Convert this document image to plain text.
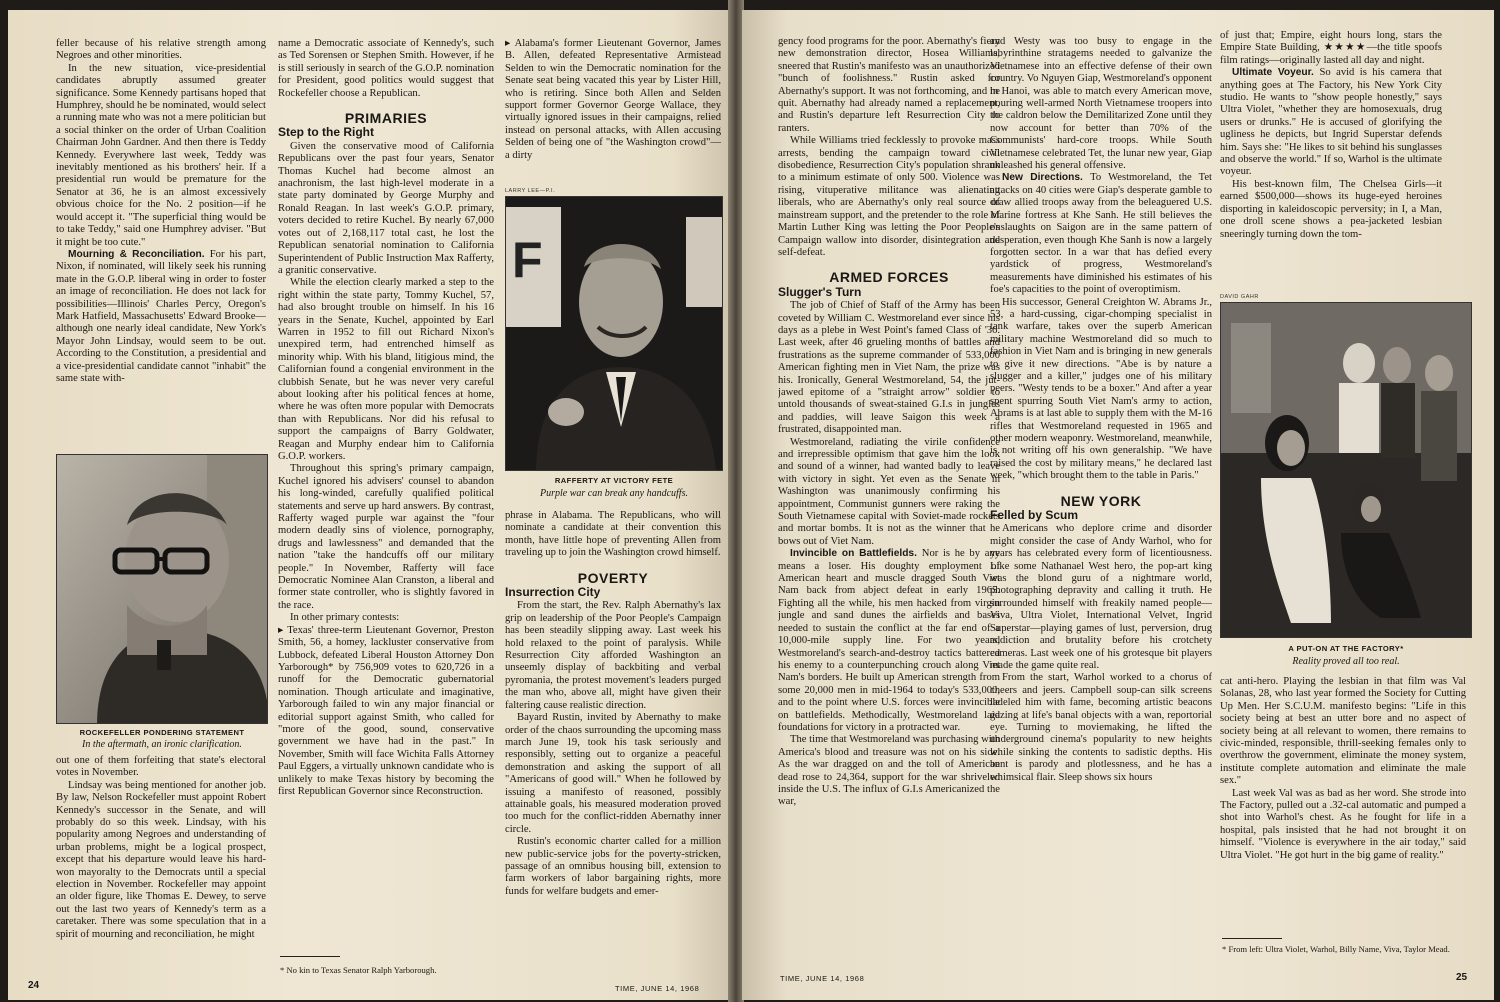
feller because of his relative strength among Negroes and other minorities.

In the new situation, vice-presidential candidates abruptly assumed greater significance. Some Kennedy partisans hoped that Humphrey, should he be nominated, would select a running mate who was not a mere politician but a social thinker on the order of Urban Coalition Chairman John Gardner. And then there is Teddy Kennedy. Everywhere last week, Teddy was inevitably mentioned as his brothers' heir. If a presidential run would be premature for the Senator at 36, he is an almost excessively obvious choice for the No. 2 position—if he would accept it. "The superficial thing would be to take Teddy," said one Humphrey adviser. "But it might be too cute."

Mourning & Reconciliation. For his part, Nixon, if nominated, will likely seek his running mate in the G.O.P. liberal wing in order to foster an image of reconciliation. He does not lack for possibilities—Illinois' Charles Percy, Oregon's Mark Hatfield, Massachusetts' Edward Brooke—although one nearly ideal candidate, New York's Mayor John Lindsay, would seem to be out. According to the Constitution, a presidential and a vice-presidential candidate cannot "inhabit" the same state with-

ROCKEFELLER PONDERING STATEMENT
In the aftermath, an ironic clarification.

out one of them forfeiting that state's electoral votes in November.

Lindsay was being mentioned for another job. By law, Nelson Rockefeller must appoint Robert Kennedy's successor in the Senate, and will probably do so this week. Lindsay, with his popularity among Negroes and understanding of urban problems, might be a logical prospect, except that his departure would leave his hard-won mayoralty to the Democrats until a special election in November. Rockefeller may appoint an older figure, like Thomas E. Dewey, to serve out the last two years of Kennedy's term as a caretaker. There was some speculation that in a spirit of mourning and reconciliation, he might

name a Democratic associate of Kennedy's, such as Ted Sorensen or Stephen Smith. However, if he is still seriously in search of the G.O.P. nomination for President, good politics would suggest that Rockefeller choose a Republican.

PRIMARIES
Step to the Right

Given the conservative mood of California Republicans over the past four years, Senator Thomas Kuchel had become almost an anachronism, the last high-level moderate in a state party dominated by George Murphy and Ronald Reagan. In last week's G.O.P. primary, voters decided to retire Kuchel. By nearly 67,000 votes out of 2,168,117 total cast, he lost the Republican senatorial nomination to California Superintendent of Public Instruction Max Rafferty, a granitic conservative.

While the election clearly marked a step to the right within the state party, Tommy Kuchel, 57, had also brought trouble on himself. In his 16 years in the Senate, Kuchel, appointed by Earl Warren in 1952 to fill out Richard Nixon's unexpired term, had entrenched himself as minority whip. With his bland, litigious mind, the Californian found a congenial environment in the clubbish Senate, but he was never very careful about looking after his political fences at home, where he was often more popular with Democrats than with Republicans. Nor did his refusal to support the campaigns of Barry Goldwater, Reagan and Murphy endear him to California G.O.P. workers.

Throughout this spring's primary campaign, Kuchel ignored his advisers' counsel to abandon his long-winded, carefully qualified political statements and serve up hard answers. By contrast, Rafferty waged purple war against the "four modern deadly sins of violence, pornography, drugs and lawlessness" and demanded that the nation "take the handcuffs off our military people." In November, Rafferty will face Democratic Nominee Alan Cranston, a liberal and former state controller, who is slightly favored in the race.

In other primary contests:

▸ Texas' three-term Lieutenant Governor, Preston Smith, 56, a homey, lackluster conservative from Lubbock, defeated Liberal Houston Attorney Don Yarborough* by 756,909 votes to 620,726 in a runoff for the Democratic gubernatorial nomination. Though articulate and imaginative, Yarborough failed to win any major financial or editorial support against Smith, who called for "more of the good, sound, conservative government we have had in the past." In November, Smith will face Wichita Falls Attorney Paul Eggers, a virtually unknown candidate who is unlikely to make Texas history by becoming the first Republican Governor since Reconstruction.

* No kin to Texas Senator Ralph Yarborough.

▸ Alabama's former Lieutenant Governor, James B. Allen, defeated Representative Armistead Selden to win the Democratic nomination for the Senate seat being vacated this year by Lister Hill, who is retiring. Since both Allen and Selden support former Governor George Wallace, they virtually ignored issues in their campaigns, relied instead on personal attacks, with Allen accusing Selden of being one of "the Washington crowd"—a dirty

LARRY LEE—P.I.
F
RAFFERTY AT VICTORY FETE
Purple war can break any handcuffs.

phrase in Alabama. The Republicans, who will nominate a candidate at their convention this month, have little hope of preventing Allen from traveling up to join the Washington crowd himself.

POVERTY
Insurrection City

From the start, the Rev. Ralph Abernathy's lax grip on leadership of the Poor People's Campaign has been steadily slipping away. Last week his hold relaxed to the point of paralysis. While Resurrection City afforded Washington an unseemly display of backbiting and verbal pyromania, the protest movement's leaders purged the man who, above all, might have given their faltering cause realistic direction.

Bayard Rustin, invited by Abernathy to make order of the chaos surrounding the upcoming mass march June 19, took his task seriously and responsibly, setting out to organize a peaceful demonstration and asking the support of all "Americans of good will." When he followed by issuing a manifesto of reasoned, possibly attainable goals, his measured moderation proved too much for the conflict-ridden Abernathy inner circle.

Rustin's economic charter called for a million new public-service jobs for the poverty-stricken, passage of an omnibus housing bill, extension to farm workers of labor bargaining rights, more funds for welfare budgets and emer-

24	TIME, JUNE 14, 1968

gency food programs for the poor. Abernathy's fiery new demonstration director, Hosea Williams, sneered that Rustin's manifesto was an unauthorized "bunch of foolishness." Rustin asked for Abernathy's support. It was not forthcoming, and he quit. Abernathy had already named a replacement, and Rustin's departure left Resurrection City to ranters.

While Williams tried fecklessly to provoke mass arrests, bending the campaign toward civil disobedience, Resurrection City's population shrank to a minimum estimate of only 500. Violence was rising, vituperative militance was alienating liberals, who are Abernathy's only real source of mainstream support, and the pretender to the role of Martin Luther King was letting the Poor People's Campaign wallow into disorder, disintegration and self-defeat.

ARMED FORCES
Slugger's Turn

The job of Chief of Staff of the Army has been coveted by William C. Westmoreland ever since his days as a plebe in West Point's famed Class of '36. Last week, after 46 grueling months of battles and frustrations as the supreme commander of 533,000 American fighting men in Viet Nam, the prize was his. Ironically, General Westmoreland, 54, the jut-jawed epitome of a "straight arrow" soldier to untold thousands of sweat-stained G.I.s in jungles and paddies, will leave Saigon this week a frustrated, disappointed man.

Westmoreland, radiating the virile confidence and irrepressible optimism that gave him the look and sound of a winner, had wanted badly to leave with victory in sight. Yet even as the Senate in Washington was unanimously confirming his appointment, Communist gunners were raking the South Vietnamese capital with Soviet-made rockets and mortar bombs. It is not as the winner that he bows out of Viet Nam.

Invincible on Battlefields. Nor is he by any means a loser. His doughty employment of American heart and muscle dragged South Viet Nam back from abject defeat in early 1965. Fighting all the while, his men hacked from virgin jungle and sand dunes the airfields and bases needed to sustain the conflict at the far end of a 10,000-mile supply line. For two years, Westmoreland's search-and-destroy tactics battered his enemy to a counterpunching crouch along Viet Nam's borders. He built up American strength from some 20,000 men in mid-1964 to today's 533,000, and to the point where U.S. forces were invincible on battlefields. Methodically, Westmoreland laid foundations for victory in a protracted war.

The time that Westmoreland was purchasing with America's blood and treasure was not on his side. As the war dragged on and the toll of American dead rose to 24,364, support for the war shriveled inside the U.S. The influx of G.I.s Americanized the war,

and Westy was too busy to engage in the labyrinthine stratagems needed to galvanize the Vietnamese into an effective defense of their own country. Vo Nguyen Giap, Westmoreland's opponent in Hanoi, was able to match every American move, pouring well-armed North Vietnamese troopers into the caldron below the Demilitarized Zone until they now account for better than 70% of the Communists' hard-core troops. While South Vietnamese celebrated Tet, the lunar new year, Giap unleashed his general offensive.

New Directions. To Westmoreland, the Tet attacks on 40 cities were Giap's desperate gamble to draw allied troops away from the beleaguered U.S. Marine fortress at Khe Sanh. He still believes the onslaughts on Saigon are in the same pattern of desperation, even though Khe Sanh is now a largely forgotten sector. In a war that has defied every yardstick of progress, Westmoreland's measurements have diminished his estimates of his foe's capacities to the point of overoptimism.

His successor, General Creighton W. Abrams Jr., 53, a hard-cussing, cigar-chomping specialist in tank warfare, takes over the superb American military machine Westmoreland did so much to fashion in Viet Nam and is bringing in new generals to give it new directions. "Abe is by nature a slugger and a killer," judges one of his military peers. "Westy tends to be a boxer." And after a year spent spurring South Viet Nam's army to action, Abrams is at last able to supply them with the M-16 rifles that Westmoreland requested in 1965 and other modern weaponry. Westmoreland, meanwhile, is not writing off his own generalship. "We have raised the cost by military means," he declared last week, "which brought them to the table in Paris."

NEW YORK
Felled by Scum

Americans who deplore crime and disorder might consider the case of Andy Warhol, who for years has celebrated every form of licentiousness. Like some Nathanael West hero, the pop-art king was the blond guru of a nightmare world, photographing depravity and calling it truth. He surrounded himself with freakily named people—Viva, Ultra Violet, International Velvet, Ingrid Superstar—playing games of lust, perversion, drug addiction and brutality before his crotchety cameras. Last week one of his grotesque bit players made the game quite real.

From the start, Warhol worked to a chorus of cheers and jeers. Campbell soup-can silk screens ladeled him with fame, becoming artistic beacons gazing at life's banal objects with a wan, reportorial eye. Turning to moviemaking, he lifted the underground cinema's popularity to new heights while sinking the contents to sadistic depths. His bent is parody and plotlessness, and he has a whimsical flair. Sleep shows six hours

of just that; Empire, eight hours long, stars the Empire State Building, ★★★★—the title spoofs film ratings—originally lasted all day and night.

Ultimate Voyeur. So avid is his camera that anything goes at The Factory, his New York City studio. He wants to "show people honestly," says Ultra Violet, "whether they are homosexuals, drug users or drunks." He is accused of glorifying the ugliness he depicts, but Ingrid Superstar defends him. Says she: "He likes to sit behind his sunglasses and observe the world." If so, Warhol is the ultimate voyeur.

His best-known film, The Chelsea Girls—it earned $500,000—shows its huge-eyed heroines disporting in kaleidoscopic perversity; in I, a Man, one droll scene shows a pea-jacketed lesbian sneeringly turning down the tom-

DAVID GAHR
A PUT-ON AT THE FACTORY*
Reality proved all too real.

cat anti-hero. Playing the lesbian in that film was Val Solanas, 28, who last year formed the Society for Cutting Up Men. Her S.C.U.M. manifesto begins: "Life in this society being at best an utter bore and no aspect of society being at all relevant to women, there remains to civic-minded, responsible, thrill-seeking females only to overthrow the government, eliminate the money system, institute complete automation and eliminate the male sex."

Last week Val was as bad as her word. She strode into The Factory, pulled out a .32-cal automatic and pumped a shot into Warhol's chest. As he fought for life in a hospital, pals insisted that he had not brought it on himself. "Violence is everywhere in the air today," said Ultra Violet. "He got hurt in the big game of reality."

* From left: Ultra Violet, Warhol, Billy Name, Viva, Taylor Mead.
TIME, JUNE 14, 1968	25
